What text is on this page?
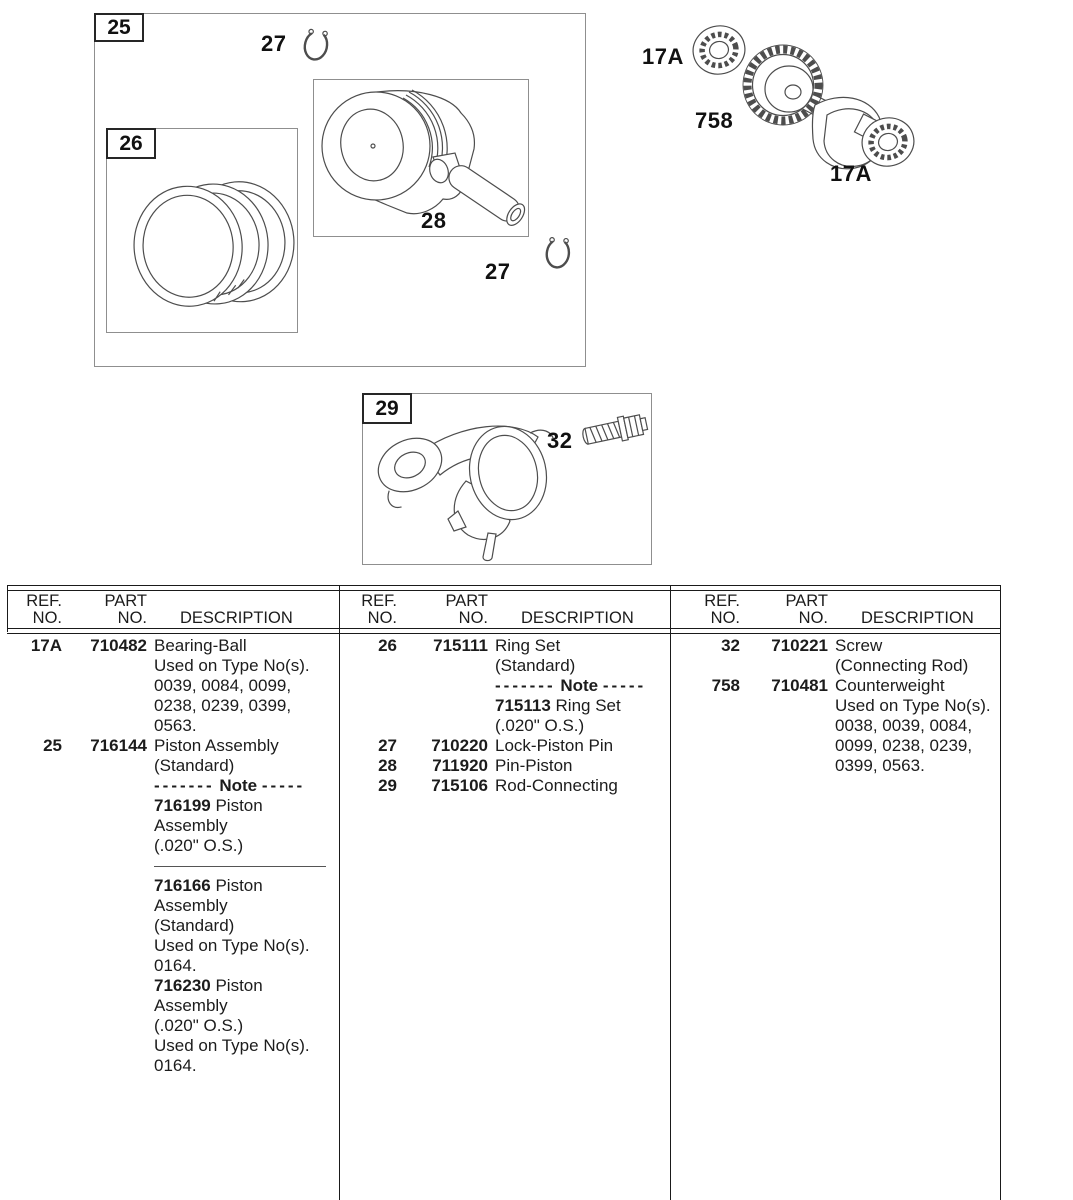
25
27
26
28
27
17A
758
17A
29
32
REF.
NO.
PART
NO.	DESCRIPTION
17A	710482 Bearing-Ball
Used on Type No(s).
0039, 0084, 0099,
0238, 0239, 0399,
0563.
25	716144 Piston Assembly
(Standard)
------- Note -----
716199 Piston
Assembly
(.020" O.S.)
716166 Piston
Assembly
(Standard)
Used on Type No(s).
0164.
716230 Piston
Assembly
(.020" O.S.)
Used on Type No(s).
0164.
REF.
NO.
PART
NO.	DESCRIPTION
26	715111 Ring Set
(Standard)
------- Note -----
715113 Ring Set
(.020" O.S.)
27	710220 Lock-Piston Pin
28	711920 Pin-Piston
29	715106 Rod-Connecting
REF.
NO.
PART
NO.	DESCRIPTION
32	710221 Screw
(Connecting Rod)
758	710481 Counterweight
Used on Type No(s).
0038, 0039, 0084,
0099, 0238, 0239,
0399, 0563.
